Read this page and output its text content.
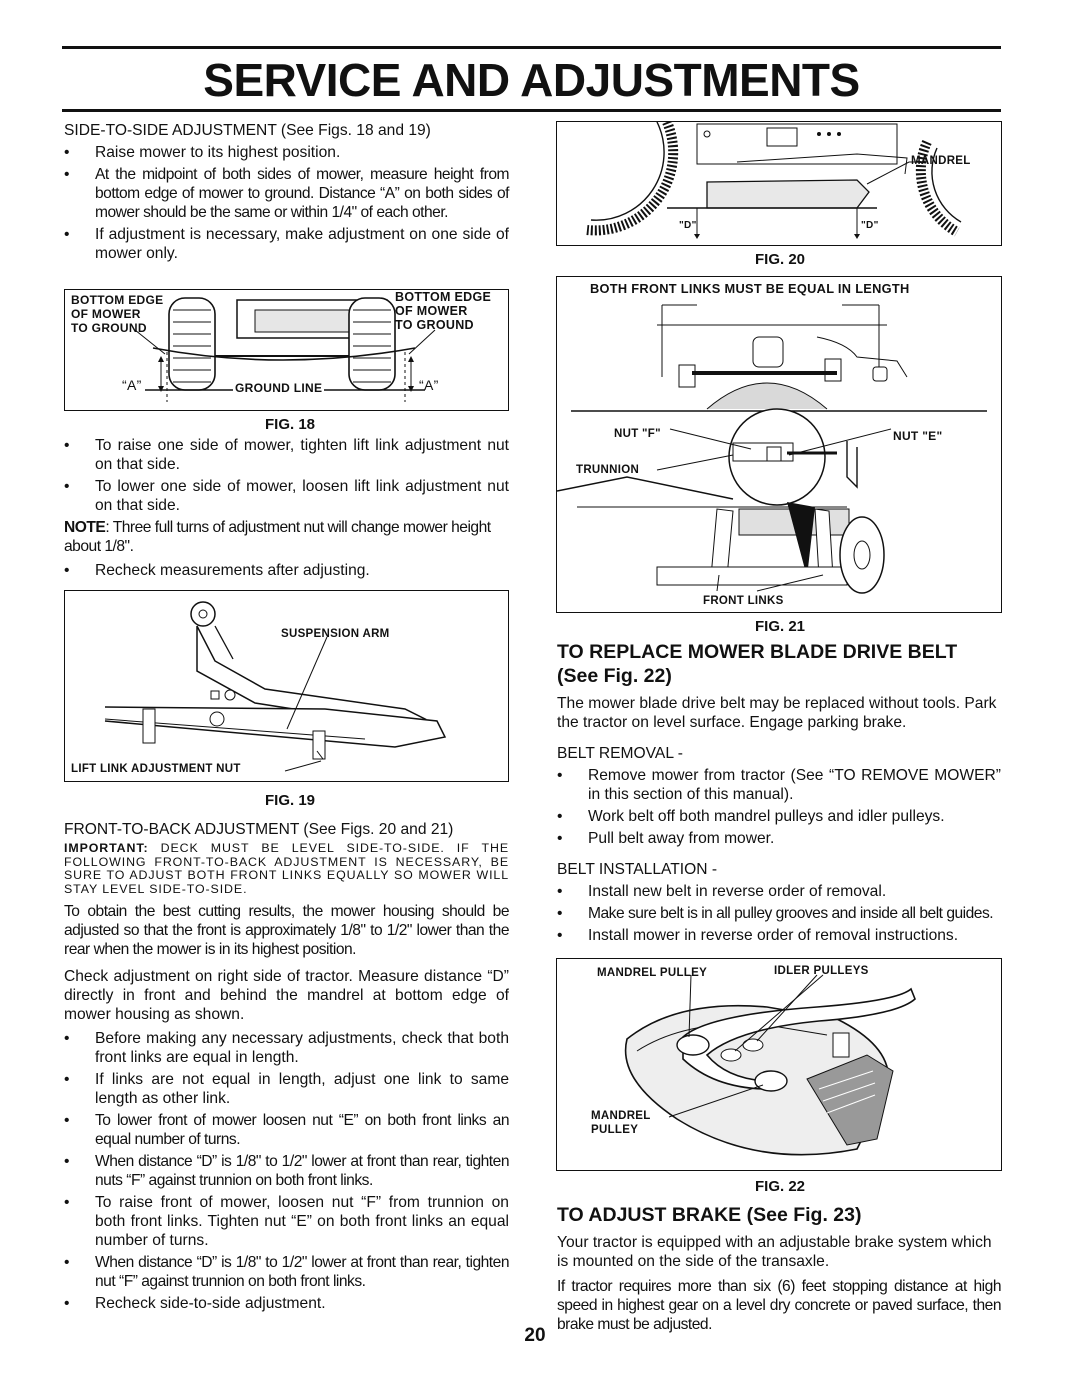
SERVICE AND ADJUSTMENTS

SIDE-TO-SIDE ADJUSTMENT (See Figs. 18 and 19)

• Raise mower to its highest position.

• At the midpoint of both sides of mower, measure height from bottom edge of mower to ground. Distance “A” on both sides of mower should be the same or within 1/4" of each other.

• If adjustment is necessary, make adjustment on one side of mower only.

BOTTOM EDGE
OF MOWER
TO GROUND
BOTTOM EDGE
OF MOWER
TO GROUND
“A”	“A”
GROUND LINE
FIG. 18

• To raise one side of mower, tighten lift link adjustment nut on that side.

• To lower one side of mower, loosen lift link adjustment nut on that side.

NOTE: Three full turns of adjustment nut will change mower height about 1/8".

• Recheck measurements after adjusting.

SUSPENSION ARM
LIFT LINK ADJUSTMENT NUT
FIG. 19

FRONT-TO-BACK ADJUSTMENT (See Figs. 20 and 21)

IMPORTANT: DECK MUST BE LEVEL SIDE-TO-SIDE. IF THE FOLLOWING FRONT-TO-BACK ADJUSTMENT IS NECESSARY, BE SURE TO ADJUST BOTH FRONT LINKS EQUALLY SO MOWER WILL STAY LEVEL SIDE-TO-SIDE.

To obtain the best cutting results, the mower housing should be adjusted so that the front is approximately 1/8" to 1/2" lower than the rear when the mower is in its highest position.

Check adjustment on right side of tractor. Measure distance “D” directly in front and behind the mandrel at bottom edge of mower housing as shown.

• Before making any necessary adjustments, check that both front links are equal in length.

• If links are not equal in length, adjust one link to same length as other link.

• To lower front of mower loosen nut “E” on both front links an equal number of turns.

• When distance “D” is 1/8" to 1/2" lower at front than rear, tighten nuts “F” against trunnion on both front links.

• To raise front of mower, loosen nut “F” from trunnion on both front links. Tighten nut “E” on both front links an equal number of turns.

• When distance “D” is 1/8" to 1/2" lower at front than rear, tighten nut “F” against trunnion on both front links.

• Recheck side-to-side adjustment.

MANDREL
"D"	"D"
FIG. 20
BOTH FRONT LINKS MUST BE EQUAL IN LENGTH
NUT "F"	NUT "E"
TRUNNION
FRONT LINKS
FIG. 21

TO REPLACE MOWER BLADE DRIVE BELT (See Fig. 22)

The mower blade drive belt may be replaced without tools. Park the tractor on level surface. Engage parking brake.

BELT REMOVAL -

• Remove mower from tractor (See “TO REMOVE MOWER” in this section of this manual).

• Work belt off both mandrel pulleys and idler pulleys.

• Pull belt away from mower.

BELT INSTALLATION -

• Install new belt in reverse order of removal.

• Make sure belt is in all pulley grooves and inside all belt guides.

• Install mower in reverse order of removal instructions.

MANDREL PULLEY	IDLER PULLEYS
MANDREL
PULLEY
FIG. 22

TO ADJUST BRAKE (See Fig. 23)

Your tractor is equipped with an adjustable brake system which is mounted on the side of the transaxle.

If tractor requires more than six (6) feet stopping distance at high speed in highest gear on a level dry concrete or paved surface, then brake must be adjusted.

20
